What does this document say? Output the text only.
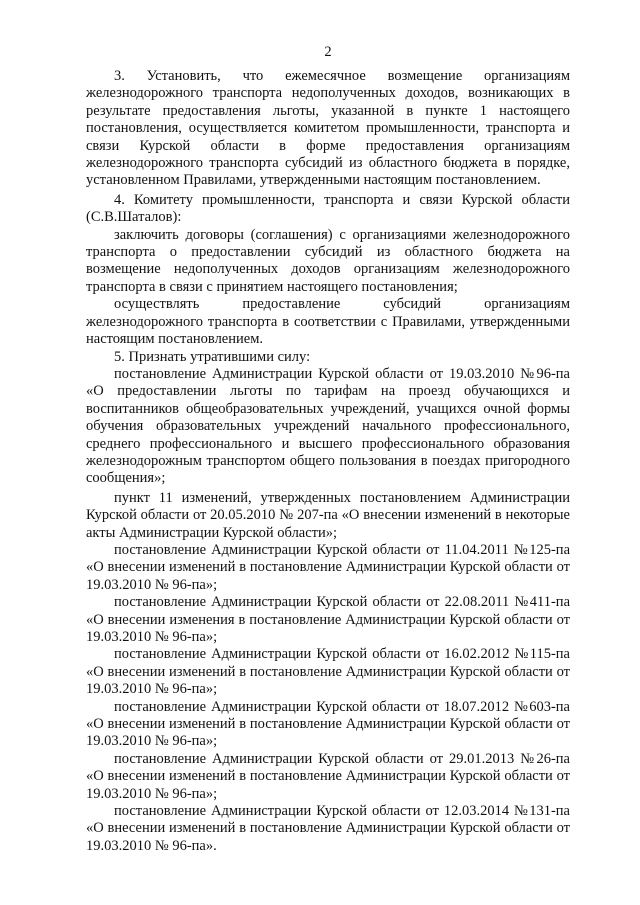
2

3. Установить, что ежемесячное возмещение организациям железнодорожного транспорта недополученных доходов, возникающих в результате предоставления льготы, указанной в пункте 1 настоящего постановления, осуществляется комитетом промышленности, транспорта и связи Курской области в форме предоставления организациям железнодорожного транспорта субсидий из областного бюджета в порядке, установленном Правилами, утвержденными настоящим постановлением.

4. Комитету промышленности, транспорта и связи Курской области (С.В.Шаталов):

заключить договоры (соглашения) с организациями железнодорожного транспорта о предоставлении субсидий из областного бюджета на возмещение недополученных доходов организациям железнодорожного транспорта в связи с принятием настоящего постановления;

осуществлять предоставление субсидий организациям железнодорожного транспорта в соответствии с Правилами, утвержденными настоящим постановлением.

5. Признать утратившими силу:

постановление Администрации Курской области от 19.03.2010 №96-па «О предоставлении льготы по тарифам на проезд обучающихся и воспитанников общеобразовательных учреждений, учащихся очной формы обучения образовательных учреждений начального профессионального, среднего профессионального и высшего профессионального образования железнодорожным транспортом общего пользования в поездах пригородного сообщения»;

пункт 11 изменений, утвержденных постановлением Администрации Курской области от 20.05.2010 № 207-па «О внесении изменений в некоторые акты Администрации Курской области»;

постановление Администрации Курской области от 11.04.2011 №125-па «О внесении изменений в постановление Администрации Курской области от 19.03.2010 № 96-па»;

постановление Администрации Курской области от 22.08.2011 №411-па «О внесении изменения в постановление Администрации Курской области от 19.03.2010 № 96-па»;

постановление Администрации Курской области от 16.02.2012 №115-па «О внесении изменений в постановление Администрации Курской области от 19.03.2010 № 96-па»;

постановление Администрации Курской области от 18.07.2012 №603-па «О внесении изменений в постановление Администрации Курской области от 19.03.2010 № 96-па»;

постановление Администрации Курской области от 29.01.2013 №26-па «О внесении изменений в постановление Администрации Курской области от 19.03.2010 № 96-па»;

постановление Администрации Курской области от 12.03.2014 №131-па «О внесении изменений в постановление Администрации Курской области от 19.03.2010 № 96-па».
